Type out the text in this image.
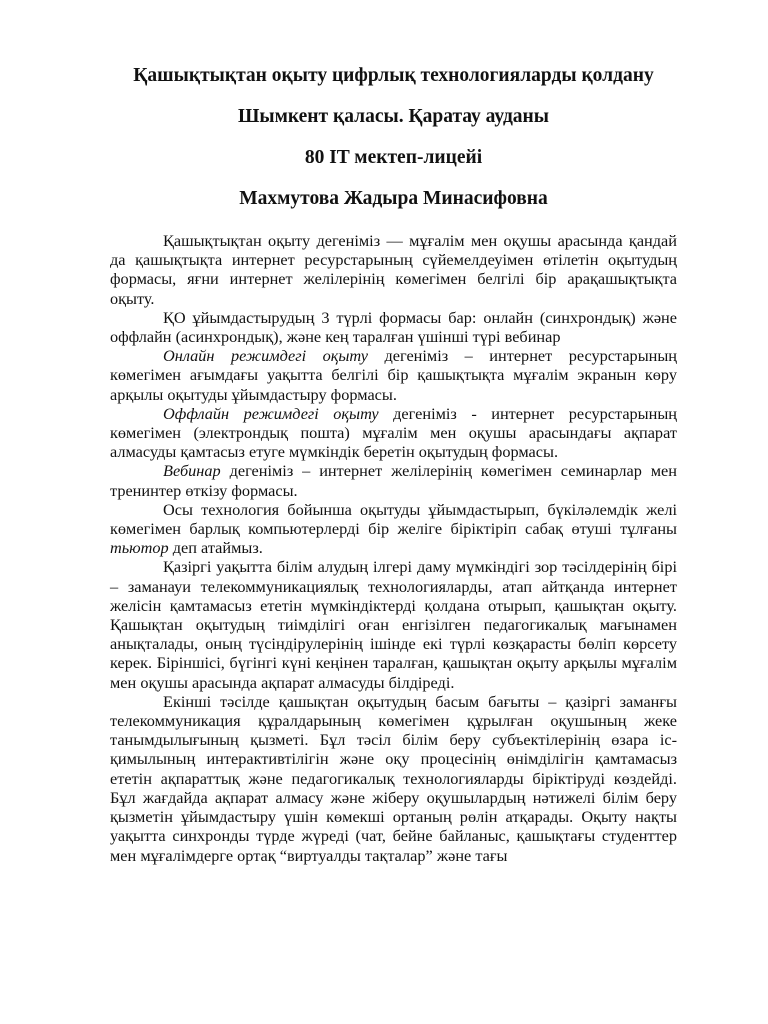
Қашықтықтан оқыту цифрлық технологияларды қолдану

Шымкент қаласы. Қаратау ауданы

80 IT мектеп-лицейі

Махмутова Жадыра Минасифовна

Қашықтықтан оқыту дегеніміз — мұғалім мен оқушы арасында қандай да қашықтықта интернет ресурстарының сүйемелдеуімен өтілетін оқытудың формасы, яғни интернет желілерінің көмегімен белгілі бір арақашықтықта оқыту.

ҚО ұйымдастырудың 3 түрлі формасы бар: онлайн (синхрондық) және оффлайн (асинхрондық), және кең таралған үшінші түрі вебинар

Онлайн режимдегі оқыту дегеніміз – интернет ресурстарының көмегімен ағымдағы уақытта белгілі бір қашықтықта мұғалім экранын көру арқылы оқытуды ұйымдастыру формасы.

Оффлайн режимдегі оқыту дегеніміз - интернет ресурстарының көмегімен (электрондық пошта) мұғалім мен оқушы арасындағы ақпарат алмасуды қамтасыз етуге мүмкіндік беретін оқытудың формасы.

Вебинар дегеніміз – интернет желілерінің көмегімен семинарлар мен тренинтер өткізу формасы.

Осы технология бойынша оқытуды ұйымдастырып, бүкіләлемдік желі көмегімен барлық компьютерлерді бір желіге біріктіріп сабақ өтуші тұлғаны тьютор деп атаймыз.

Қазіргі уақытта білім алудың ілгері даму мүмкіндігі зор тәсілдерінің бірі – заманауи телекоммуникациялық технологияларды, атап айтқанда интернет желісін қамтамасыз ететін мүмкіндіктерді қолдана отырып, қашықтан оқыту. Қашықтан оқытудың тиімділігі оған енгізілген педагогикалық мағынамен анықталады, оның түсіндірулерінің ішінде екі түрлі көзқарасты бөліп көрсету керек. Біріншісі, бүгінгі күні кеңінен таралған, қашықтан оқыту арқылы мұғалім мен оқушы арасында ақпарат алмасуды білдіреді.

Екінші тәсілде қашықтан оқытудың басым бағыты – қазіргі заманғы телекоммуникация құралдарының көмегімен құрылған оқушының жеке танымдылығының қызметі. Бұл тәсіл білім беру субъектілерінің өзара іс-қимылының интерактивтілігін және оқу процесінің өнімділігін қамтамасыз ететін ақпараттық және педагогикалық технологияларды біріктіруді көздейді. Бұл жағдайда ақпарат алмасу және жіберу оқушылардың нәтижелі білім беру қызметін ұйымдастыру үшін көмекші ортаның рөлін атқарады. Оқыту нақты уақытта синхронды түрде жүреді (чат, бейне байланыс, қашықтағы студенттер мен мұғалімдерге ортақ “виртуалды тақталар” және тағы
